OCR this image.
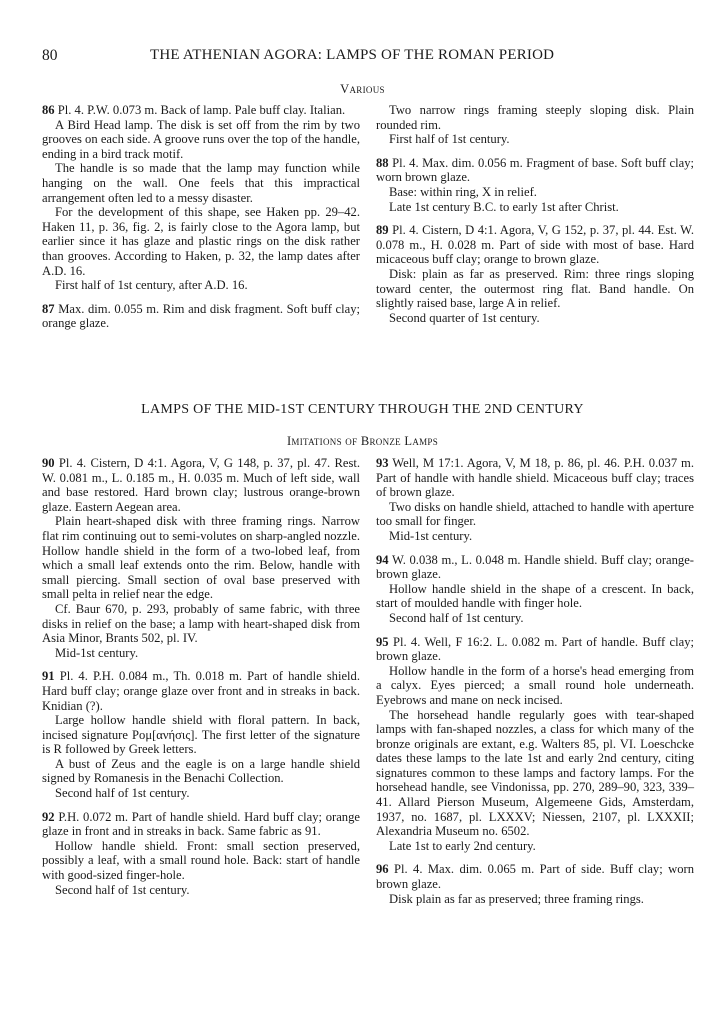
80	THE ATHENIAN AGORA: LAMPS OF THE ROMAN PERIOD
Various

86 Pl. 4. P.W. 0.073 m. Back of lamp. Pale buff clay. Italian.

A Bird Head lamp. The disk is set off from the rim by two grooves on each side. A groove runs over the top of the handle, ending in a bird track motif.

The handle is so made that the lamp may function while hanging on the wall. One feels that this impractical arrangement often led to a messy disaster.

For the development of this shape, see Haken pp. 29–42. Haken 11, p. 36, fig. 2, is fairly close to the Agora lamp, but earlier since it has glaze and plastic rings on the disk rather than grooves. According to Haken, p. 32, the lamp dates after A.D. 16.

First half of 1st century, after A.D. 16.

87 Max. dim. 0.055 m. Rim and disk fragment. Soft buff clay; orange glaze.

Two narrow rings framing steeply sloping disk. Plain rounded rim.

First half of 1st century.

88 Pl. 4. Max. dim. 0.056 m. Fragment of base. Soft buff clay; worn brown glaze.

Base: within ring, X in relief.

Late 1st century B.C. to early 1st after Christ.

89 Pl. 4. Cistern, D 4:1. Agora, V, G 152, p. 37, pl. 44. Est. W. 0.078 m., H. 0.028 m. Part of side with most of base. Hard micaceous buff clay; orange to brown glaze.

Disk: plain as far as preserved. Rim: three rings sloping toward center, the outermost ring flat. Band handle. On slightly raised base, large A in relief.

Second quarter of 1st century.

LAMPS OF THE MID-1ST CENTURY THROUGH THE 2ND CENTURY
Imitations of Bronze Lamps

90 Pl. 4. Cistern, D 4:1. Agora, V, G 148, p. 37, pl. 47. Rest. W. 0.081 m., L. 0.185 m., H. 0.035 m. Much of left side, wall and base restored. Hard brown clay; lustrous orange-brown glaze. Eastern Aegean area.

Plain heart-shaped disk with three framing rings. Narrow flat rim continuing out to semi-volutes on sharp-angled nozzle. Hollow handle shield in the form of a two-lobed leaf, from which a small leaf extends onto the rim. Below, handle with small piercing. Small section of oval base preserved with small pelta in relief near the edge.

Cf. Baur 670, p. 293, probably of same fabric, with three disks in relief on the base; a lamp with heart-shaped disk from Asia Minor, Brants 502, pl. IV.

Mid-1st century.

91 Pl. 4. P.H. 0.084 m., Th. 0.018 m. Part of handle shield. Hard buff clay; orange glaze over front and in streaks in back. Knidian (?).

Large hollow handle shield with floral pattern. In back, incised signature Ρομ[ανήσις]. The first letter of the signature is R followed by Greek letters.

A bust of Zeus and the eagle is on a large handle shield signed by Romanesis in the Benachi Collection.

Second half of 1st century.

92 P.H. 0.072 m. Part of handle shield. Hard buff clay; orange glaze in front and in streaks in back. Same fabric as 91.

Hollow handle shield. Front: small section preserved, possibly a leaf, with a small round hole. Back: start of handle with good-sized finger-hole.

Second half of 1st century.

93 Well, M 17:1. Agora, V, M 18, p. 86, pl. 46. P.H. 0.037 m. Part of handle with handle shield. Micaceous buff clay; traces of brown glaze.

Two disks on handle shield, attached to handle with aperture too small for finger.

Mid-1st century.

94 W. 0.038 m., L. 0.048 m. Handle shield. Buff clay; orange-brown glaze.

Hollow handle shield in the shape of a crescent. In back, start of moulded handle with finger hole.

Second half of 1st century.

95 Pl. 4. Well, F 16:2. L. 0.082 m. Part of handle. Buff clay; brown glaze.

Hollow handle in the form of a horse's head emerging from a calyx. Eyes pierced; a small round hole underneath. Eyebrows and mane on neck incised.

The horsehead handle regularly goes with tear-shaped lamps with fan-shaped nozzles, a class for which many of the bronze originals are extant, e.g. Walters 85, pl. VI. Loeschcke dates these lamps to the late 1st and early 2nd century, citing signatures common to these lamps and factory lamps. For the horsehead handle, see Vindonissa, pp. 270, 289–90, 323, 339–41. Allard Pierson Museum, Algemeene Gids, Amsterdam, 1937, no. 1687, pl. LXXXV; Niessen, 2107, pl. LXXXII; Alexandria Museum no. 6502.

Late 1st to early 2nd century.

96 Pl. 4. Max. dim. 0.065 m. Part of side. Buff clay; worn brown glaze.

Disk plain as far as preserved; three framing rings.
